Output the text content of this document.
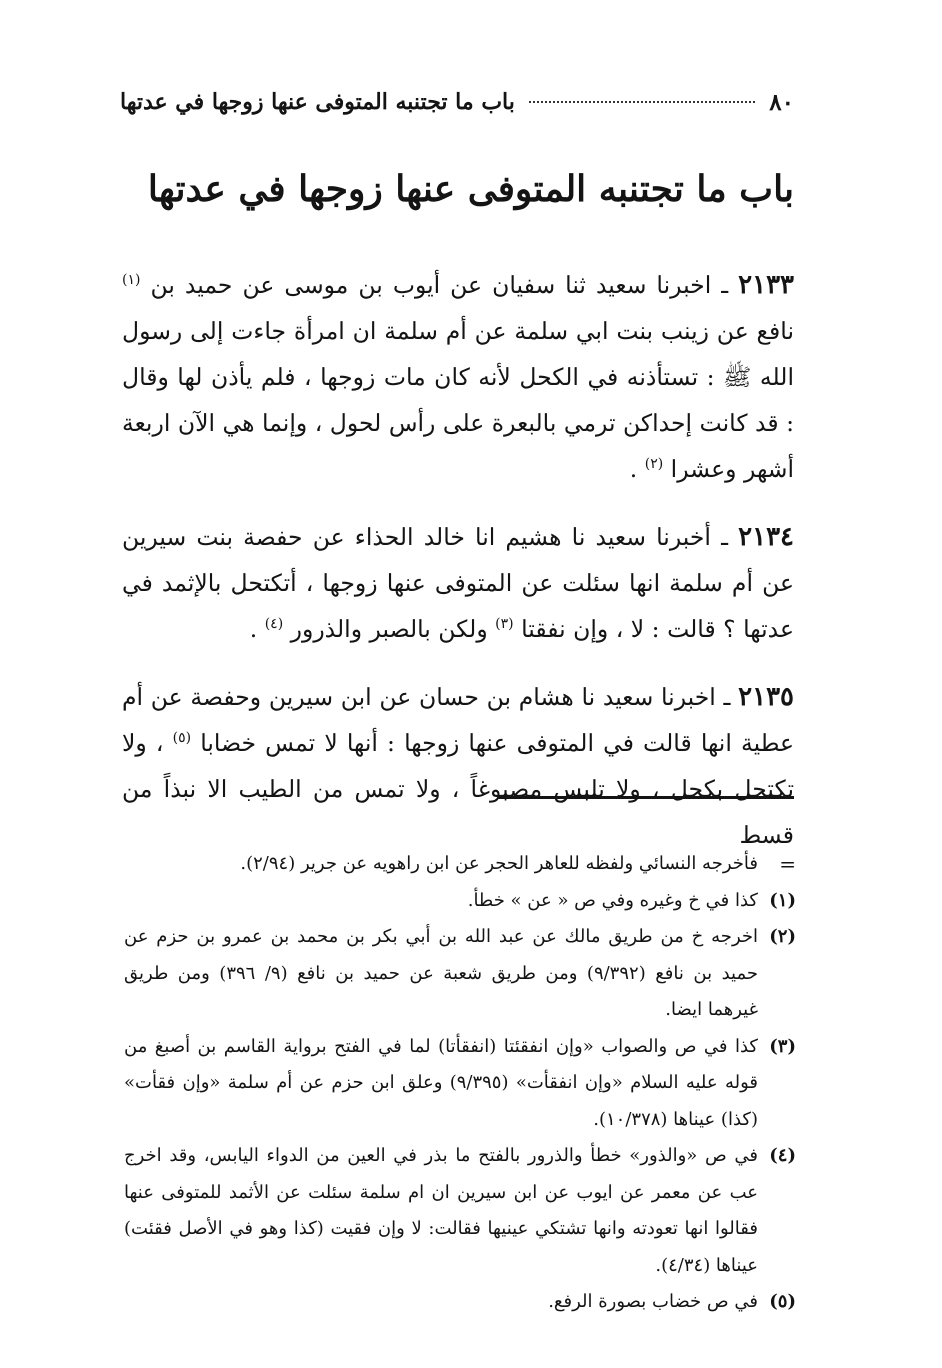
٨٠
باب ما تجتنبه المتوفى عنها زوجها في عدتها
باب ما تجتنبه المتوفى عنها زوجها في عدتها

٢١٣٣ ـ اخبرنا سعيد ثنا سفيان عن أيوب بن موسى عن حميد بن $^{(١)}$ نافع عن زينب بنت ابي سلمة عن أم سلمة ان امرأة جاءت إلى رسول الله ﷺ : تستأذنه في الكحل لأنه كان مات زوجها ، فلم يأذن لها وقال : قد كانت إحداكن ترمي بالبعرة على رأس لحول ، وإنما هي الآن اربعة أشهر وعشرا $^{(٢)}$ .

٢١٣٤ ـ أخبرنا سعيد نا هشيم انا خالد الحذاء عن حفصة بنت سيرين عن أم سلمة انها سئلت عن المتوفى عنها زوجها ، أتكتحل بالإثمد في عدتها ؟ قالت : لا ، وإن نفقتا $^{(٣)}$ ولكن بالصبر والذرور $^{(٤)}$ .

٢١٣٥ ـ اخبرنا سعيد نا هشام بن حسان عن ابن سيرين وحفصة عن أم عطية انها قالت في المتوفى عنها زوجها : أنها لا تمس خضابا $^{(٥)}$ ، ولا تكتحل بكحل ، ولا تلبس مصبوغاً ، ولا تمس من الطيب الا نبذاً من قسط

=
فأخرجه النسائي ولفظه للعاهر الحجر عن ابن راهويه عن جرير (٢/٩٤).
(١)
كذا في خ وغيره وفي ص « عن » خطأ.
(٢)
اخرجه خ من طريق مالك عن عبد الله بن أبي بكر بن محمد بن عمرو بن حزم عن حميد بن نافع (٩/٣٩٢) ومن طريق شعبة عن حميد بن نافع (٩/ ٣٩٦) ومن طريق غيرهما ايضا.
(٣)
كذا في ص والصواب «وإن انفقئتا (انفقأتا) لما في الفتح برواية القاسم بن أصبغ من قوله عليه السلام «وإن انفقأت» (٩/٣٩٥) وعلق ابن حزم عن أم سلمة «وإن فقأت» (كذا) عيناها (١٠/٣٧٨).
(٤)
في ص «والذور» خطأ والذرور بالفتح ما بذر في العين من الدواء اليابس، وقد اخرج عب عن معمر عن ايوب عن ابن سيرين ان ام سلمة سئلت عن الأثمد للمتوفى عنها فقالوا انها تعودته وانها تشتكي عينيها فقالت: لا وإن فقيت (كذا وهو في الأصل فقئت) عيناها (٤/٣٤).
(٥)
في ص خضاب بصورة الرفع.
